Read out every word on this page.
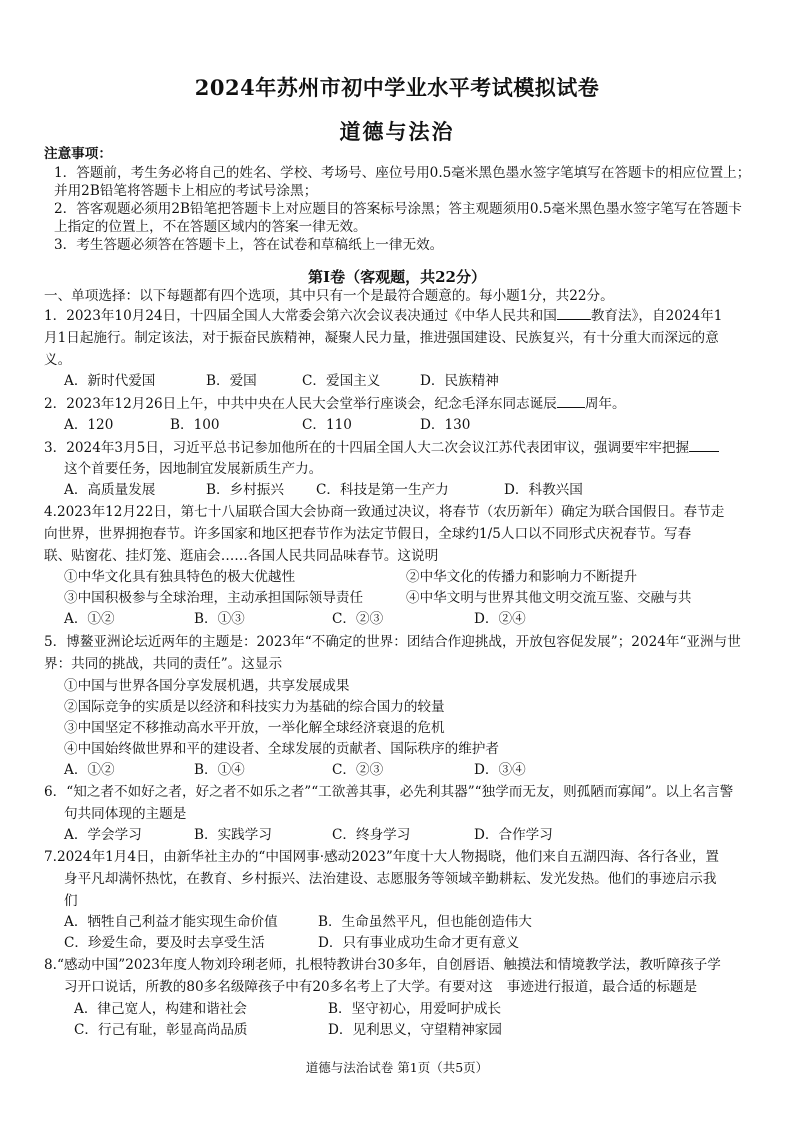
2024年苏州市初中学业水平考试模拟试卷
道德与法治
注意事项：
1．答题前，考生务必将自己的姓名、学校、考场号、座位号用0.5毫米黑色墨水签字笔填写在答题卡的相应位置上；
并用2B铅笔将答题卡上相应的考试号涂黑；
2．答客观题必须用2B铅笔把答题卡上对应题目的答案标号涂黑；答主观题须用0.5毫米黑色墨水签字笔写在答题卡
上指定的位置上，不在答题区域内的答案一律无效。
3．考生答题必须答在答题卡上，答在试卷和草稿纸上一律无效。
第Ⅰ卷（客观题，共22分）
一、单项选择：以下每题都有四个选项，其中只有一个是最符合题意的。每小题1分，共22分。
1．2023年10月24日，十四届全国人大常委会第六次会议表决通过《中华人民共和国	教育法》，自2024年1
月1日起施行。制定该法，对于振奋民族精神，凝聚人民力量，推进强国建设、民族复兴，有十分重大而深远的意
义。
A．新时代爱国	B．爱国	C．爱国主义	D．民族精神
2．2023年12月26日上午，中共中央在人民大会堂举行座谈会，纪念毛泽东同志诞辰 周年。
A．120	B．100	C．110	D．130
3．2024年3月5日，习近平总书记参加他所在的十四届全国人大二次会议江苏代表团审议，强调要牢牢把握
这个首要任务，因地制宜发展新质生产力。
A．高质量发展	B．乡村振兴 C．科技是第一生产力	D．科教兴国
4.2023年12月22日，第七十八届联合国大会协商一致通过决议，将春节（农历新年）确定为联合国假日。春节走
向世界，世界拥抱春节。许多国家和地区把春节作为法定节假日，全球约1/5人口以不同形式庆祝春节。写春
联、贴窗花、挂灯笼、逛庙会……各国人民共同品味春节。这说明
①中华文化具有独具特色的极大优越性	②中华文化的传播力和影响力不断提升
③中国积极参与全球治理，主动承担国际领导责任	④中华文明与世界其他文明交流互鉴、交融与共
A．①②	B．①③	C．②③	D．②④
5．博鳌亚洲论坛近两年的主题是：2023年“不确定的世界：团结合作迎挑战，开放包容促发展”；2024年“亚洲与世
界：共同的挑战，共同的责任”。这显示
①中国与世界各国分享发展机遇，共享发展成果
②国际竞争的实质是以经济和科技实力为基础的综合国力的较量
③中国坚定不移推动高水平开放，一举化解全球经济衰退的危机
④中国始终做世界和平的建设者、全球发展的贡献者、国际秩序的维护者
A．①②	B．①④	C．②③	D．③④
6．“知之者不如好之者，好之者不如乐之者”“工欲善其事，必先利其器”“独学而无友，则孤陋而寡闻”。以上名言警
句共同体现的主题是
A．学会学习	B．实践学习	C．终身学习	D．合作学习
7.2024年1月4日，由新华社主办的“中国网事·感动2023”年度十大人物揭晓，他们来自五湖四海、各行各业，置
身平凡却满怀热忱，在教育、乡村振兴、法治建设、志愿服务等领域辛勤耕耘、发光发热。他们的事迹启示我
们
A．牺牲自己利益才能实现生命价值	B．生命虽然平凡，但也能创造伟大
C．珍爱生命，要及时去享受生活	D．只有事业成功生命才更有意义
8.“感动中国”2023年度人物刘玲琍老师，扎根特教讲台30多年，自创唇语、触摸法和情境教学法，教听障孩子学
习开口说话，所教的80多名级障孩子中有20多名考上了大学。有要对这 事迹进行报道，最合适的标题是
A．律己宽人，构建和谐社会	B．坚守初心，用爱呵护成长
C．行己有耻，彰显高尚品质	D．见利思义，守望精神家园
道德与法治试卷 第1页（共5页）
